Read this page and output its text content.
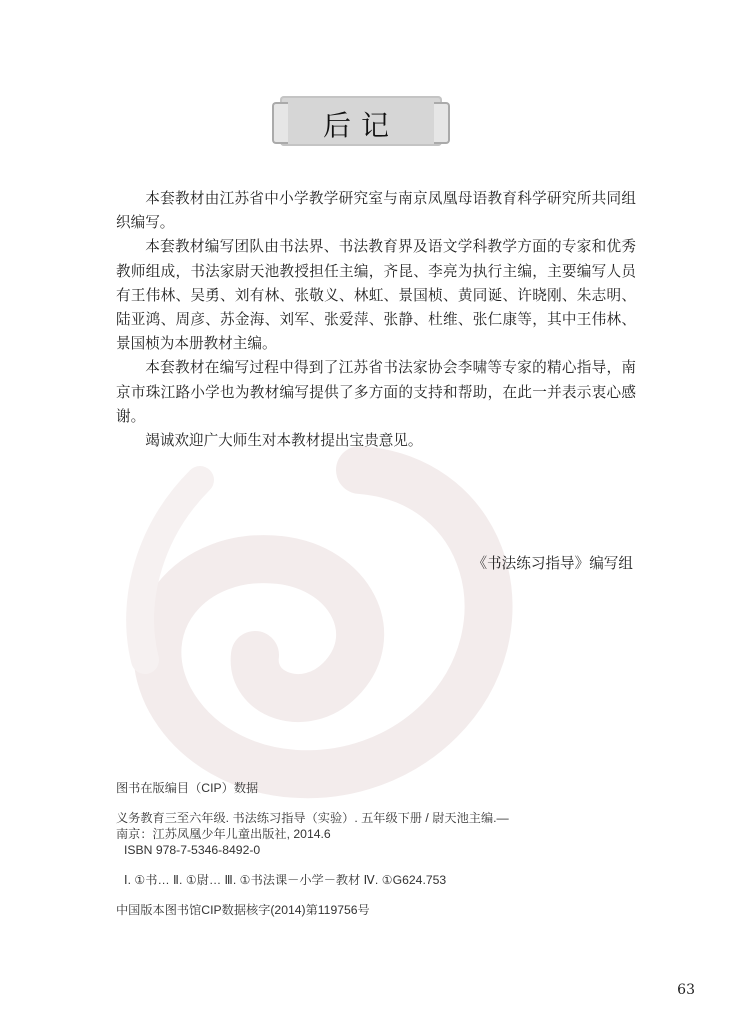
后记

本套教材由江苏省中小学教学研究室与南京凤凰母语教育科学研究所共同组织编写。

本套教材编写团队由书法界、书法教育界及语文学科教学方面的专家和优秀教师组成，书法家尉天池教授担任主编，齐昆、李亮为执行主编，主要编写人员有王伟林、吴勇、刘有林、张敬义、林虹、景国桢、黄同诞、许晓刚、朱志明、陆亚鸿、周彦、苏金海、刘军、张爱萍、张静、杜维、张仁康等，其中王伟林、景国桢为本册教材主编。

本套教材在编写过程中得到了江苏省书法家协会李啸等专家的精心指导，南京市珠江路小学也为教材编写提供了多方面的支持和帮助，在此一并表示衷心感谢。

竭诚欢迎广大师生对本教材提出宝贵意见。

《书法练习指导》编写组
图书在版编目（CIP）数据
义务教育三至六年级. 书法练习指导（实验）. 五年级下册 / 尉天池主编.—
南京：江苏凤凰少年儿童出版社, 2014.6
ISBN 978-7-5346-8492-0
Ⅰ. ①书… Ⅱ. ①尉… Ⅲ. ①书法课－小学－教材 Ⅳ. ①G624.753
中国版本图书馆CIP数据核字(2014)第119756号
63
